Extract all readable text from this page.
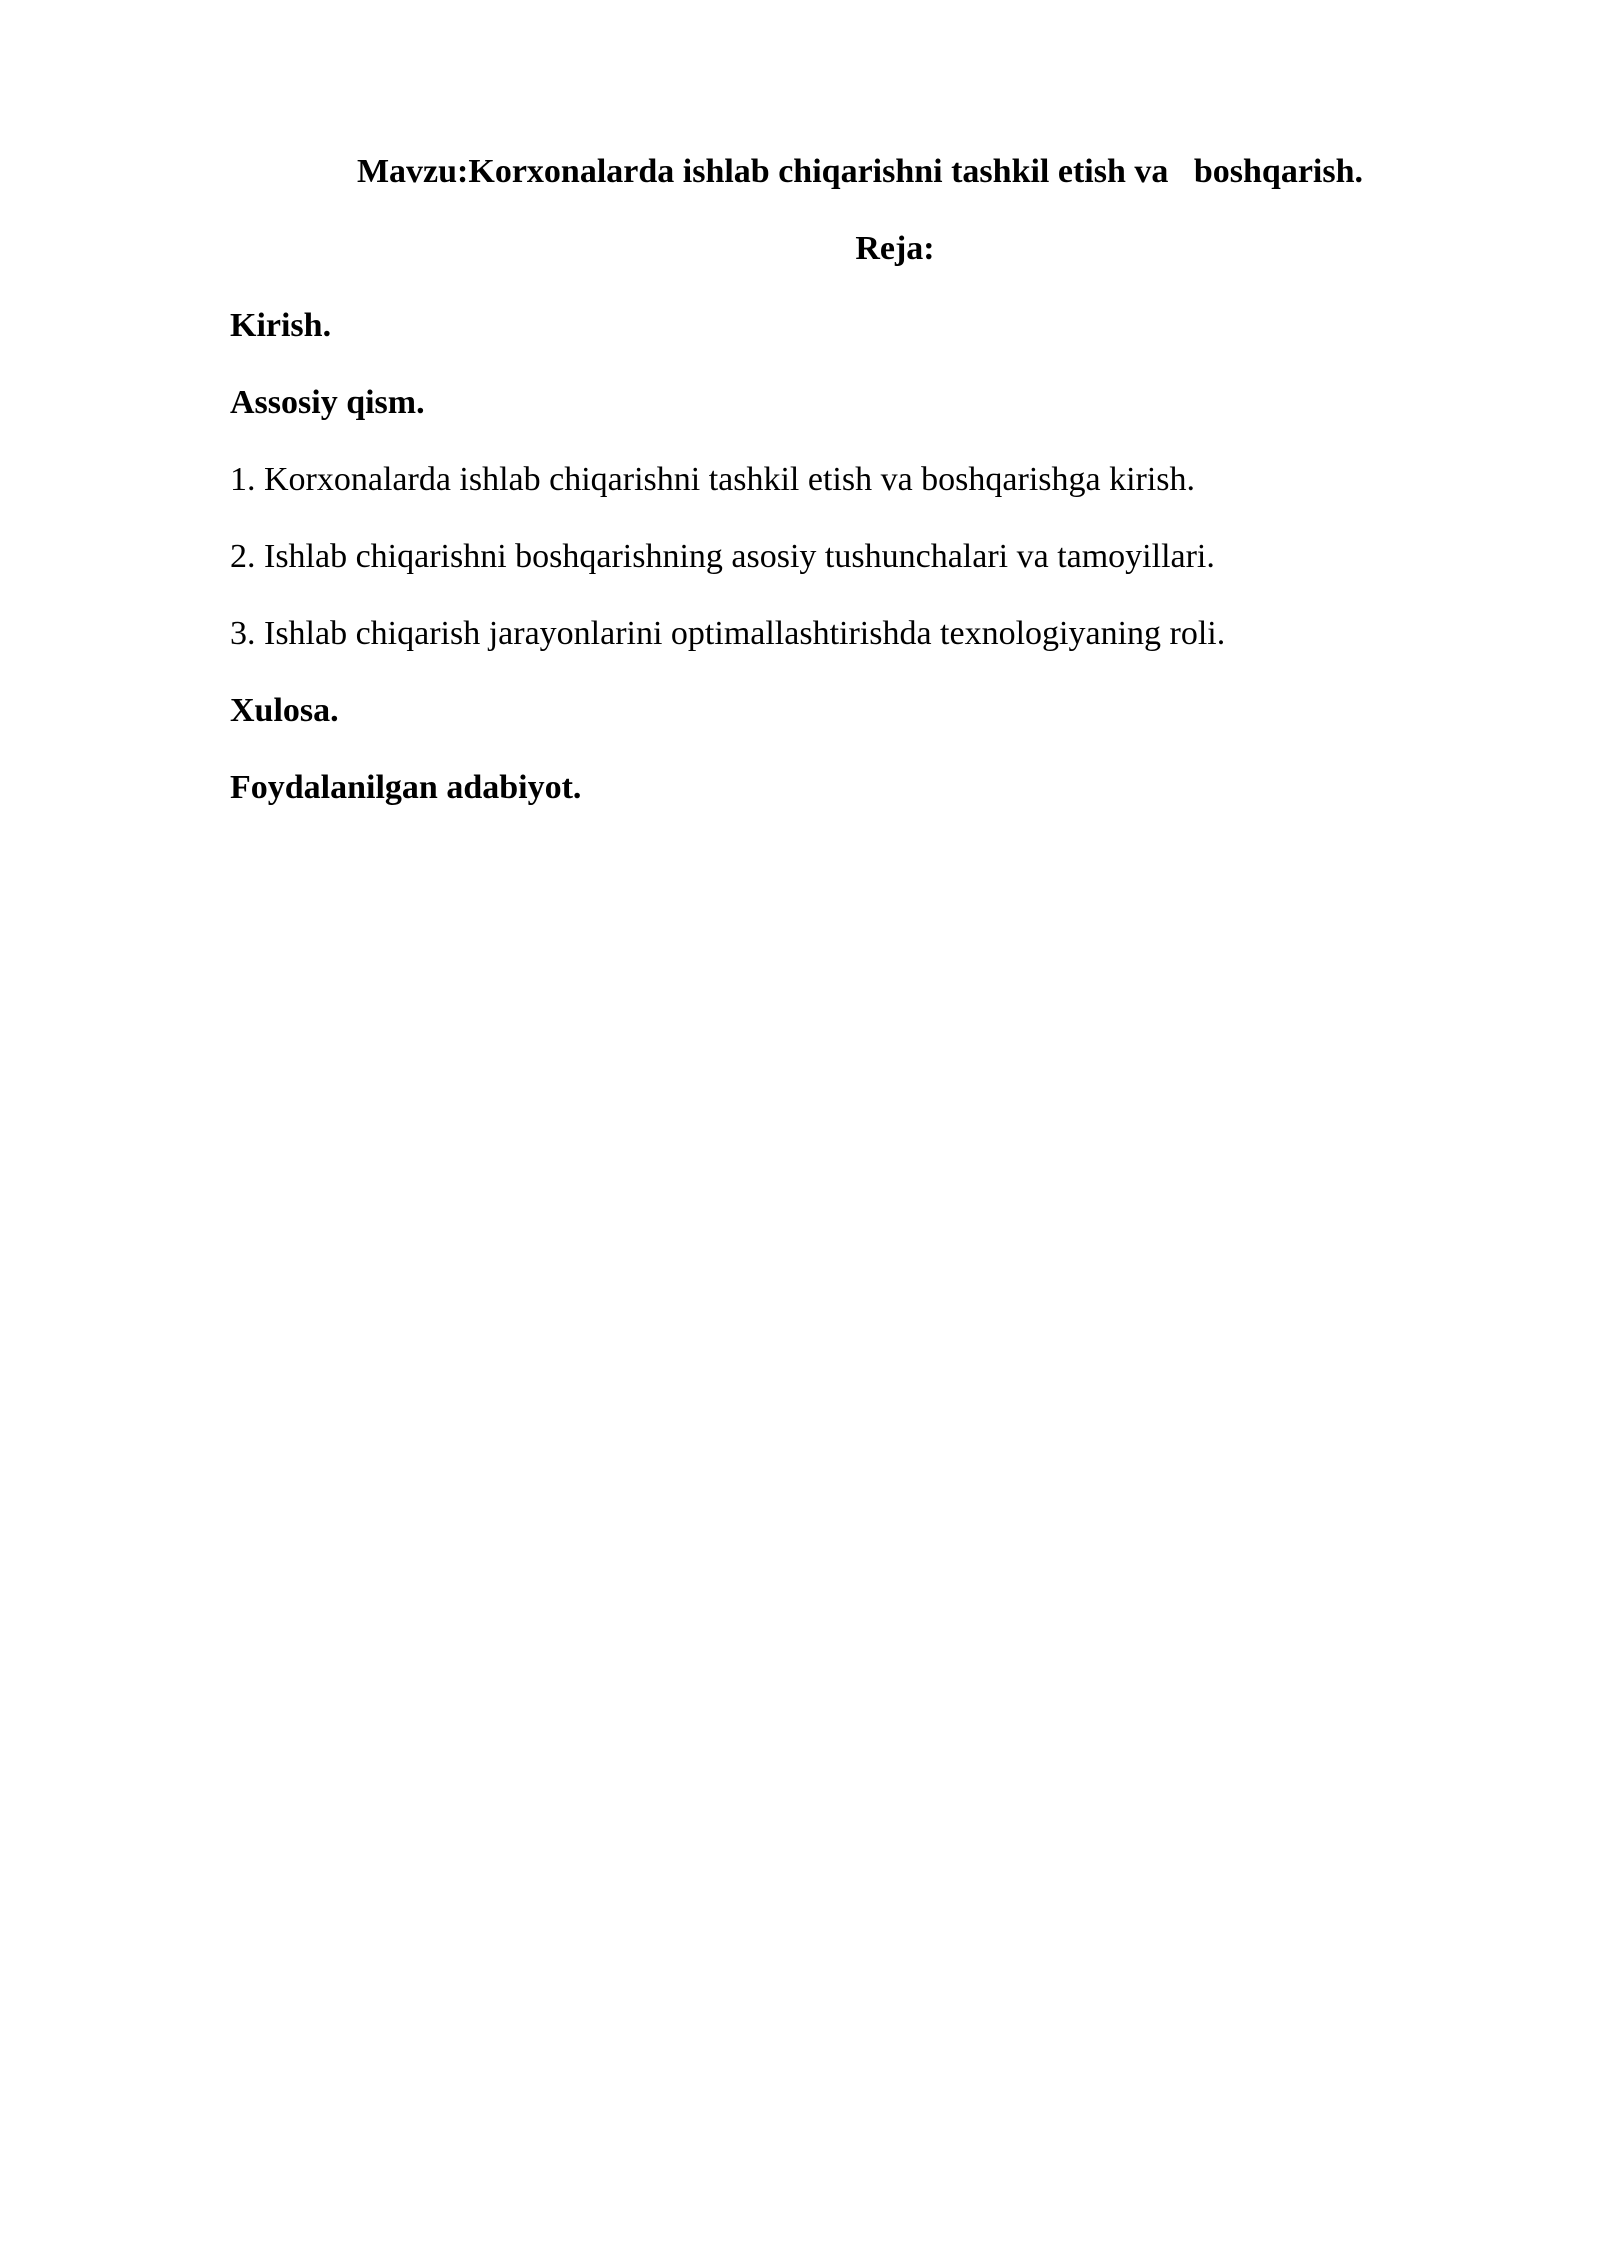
Mavzu:Korxonalarda ishlab chiqarishni tashkil etish va   boshqarish.
Reja:
Kirish.
Assosiy qism.
1. Korxonalarda ishlab chiqarishni tashkil etish va boshqarishga kirish.
2. Ishlab chiqarishni boshqarishning asosiy tushunchalari va tamoyillari.
3. Ishlab chiqarish jarayonlarini optimallashtirishda texnologiyaning roli.
Xulosa.
Foydalanilgan adabiyot.
